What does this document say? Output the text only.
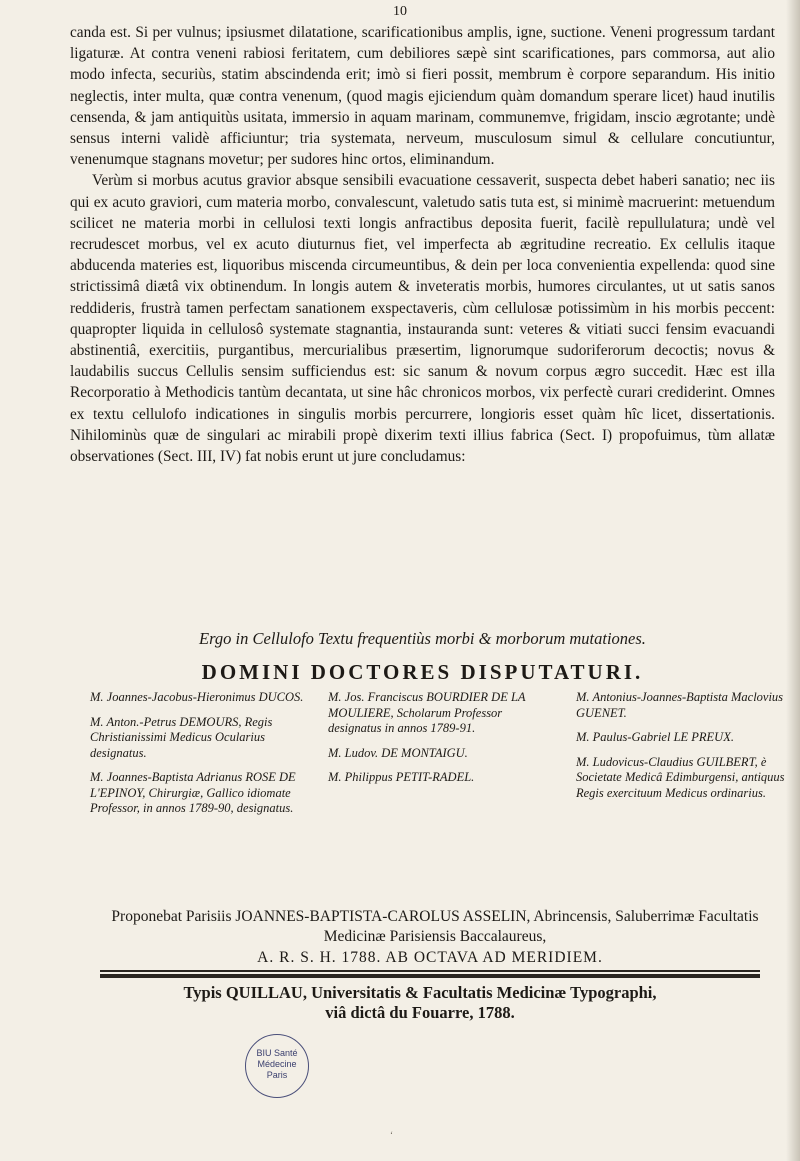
10

canda est. Si per vulnus; ipsiusmet dilatatione, scarificationibus amplis, igne, suctione. Veneni progressum tardant ligaturæ. At contra veneni rabiosi feritatem, cum debiliores sæpè sint scarificationes, pars commorsa, aut alio modo infecta, securiùs, statim abscindenda erit; imò si fieri possit, membrum è corpore separandum. His initio neglectis, inter multa, quæ contra venenum, (quod magis ejiciendum quàm domandum sperare licet) haud inutilis censenda, & jam antiquitùs usitata, immersio in aquam marinam, communemve, frigidam, inscio ægrotante; undè sensus interni validè afficiuntur; tria systemata, nerveum, musculosum simul & cellulare concutiuntur, venenumque stagnans movetur; per sudores hinc ortos, eliminandum.

Verùm si morbus acutus gravior absque sensibili evacuatione cessaverit, suspecta debet haberi sanatio; nec iis qui ex acuto graviori, cum materia morbo, convalescunt, valetudo satis tuta est, si minimè macruerint: metuendum scilicet ne materia morbi in cellulosi texti longis anfractibus deposita fuerit, facilè repullulatura; undè vel recrudescet morbus, vel ex acuto diuturnus fiet, vel imperfecta ab ægritudine recreatio. Ex cellulis itaque abducenda materies est, liquoribus miscenda circumeuntibus, & dein per loca convenientia expellenda: quod sine strictissimâ diætâ vix obtinendum. In longis autem & inveteratis morbis, humores circulantes, ut ut satis sanos reddideris, frustrà tamen perfectam sanationem exspectaveris, cùm cellulosæ potissimùm in his morbis peccent: quapropter liquida in cellulosô systemate stagnantia, instauranda sunt: veteres & vitiati succi fensim evacuandi abstinentiâ, exercitiis, purgantibus, mercurialibus præsertim, lignorumque sudoriferorum decoctis; novus & laudabilis succus Cellulis sensim sufficiendus est: sic sanum & novum corpus ægro succedit. Hæc est illa Recorporatio à Methodicis tantùm decantata, ut sine hâc chronicos morbos, vix perfectè curari crediderint. Omnes ex textu cellulofo indicationes in singulis morbis percurrere, longioris esset quàm hîc licet, dissertationis. Nihilominùs quæ de singulari ac mirabili propè dixerim texti illius fabrica (Sect. I) propofuimus, tùm allatæ observationes (Sect. III, IV) fat nobis erunt ut jure concludamus:

Ergo in Cellulofo Textu frequentiùs morbi & morborum mutationes.
DOMINI DOCTORES DISPUTATURI.
M. Joannes-Jacobus-Hieronimus DUCOS.
M. Anton.-Petrus DEMOURS, Regis Christianissimi Medicus Ocularius designatus.
M. Joannes-Baptista Adrianus ROSE DE L'EPINOY, Chirurgiæ, Gallico idiomate Professor, in annos 1789-90, designatus.
M. Jos. Franciscus BOURDIER DE LA MOULIERE, Scholarum Professor designatus in annos 1789-91.
M. Ludov. DE MONTAIGU.
M. Philippus PETIT-RADEL.
M. Antonius-Joannes-Baptista Maclovius GUENET.
M. Paulus-Gabriel LE PREUX.
M. Ludovicus-Claudius GUILBERT, è Societate Medicâ Edimburgensi, antiquus Regis exercituum Medicus ordinarius.
Proponebat Parisiis JOANNES-BAPTISTA-CAROLUS ASSELIN, Abrincensis, Saluberrimæ Facultatis Medicinæ Parisiensis Baccalaureus,
A. R. S. H. 1788. AB OCTAVA AD MERIDIEM.
Typis QUILLAU, Universitatis & Facultatis Medicinæ Typographi,
viâ dictâ du Fouarre, 1788.
BIU Santé
Médecine
Paris
‘
